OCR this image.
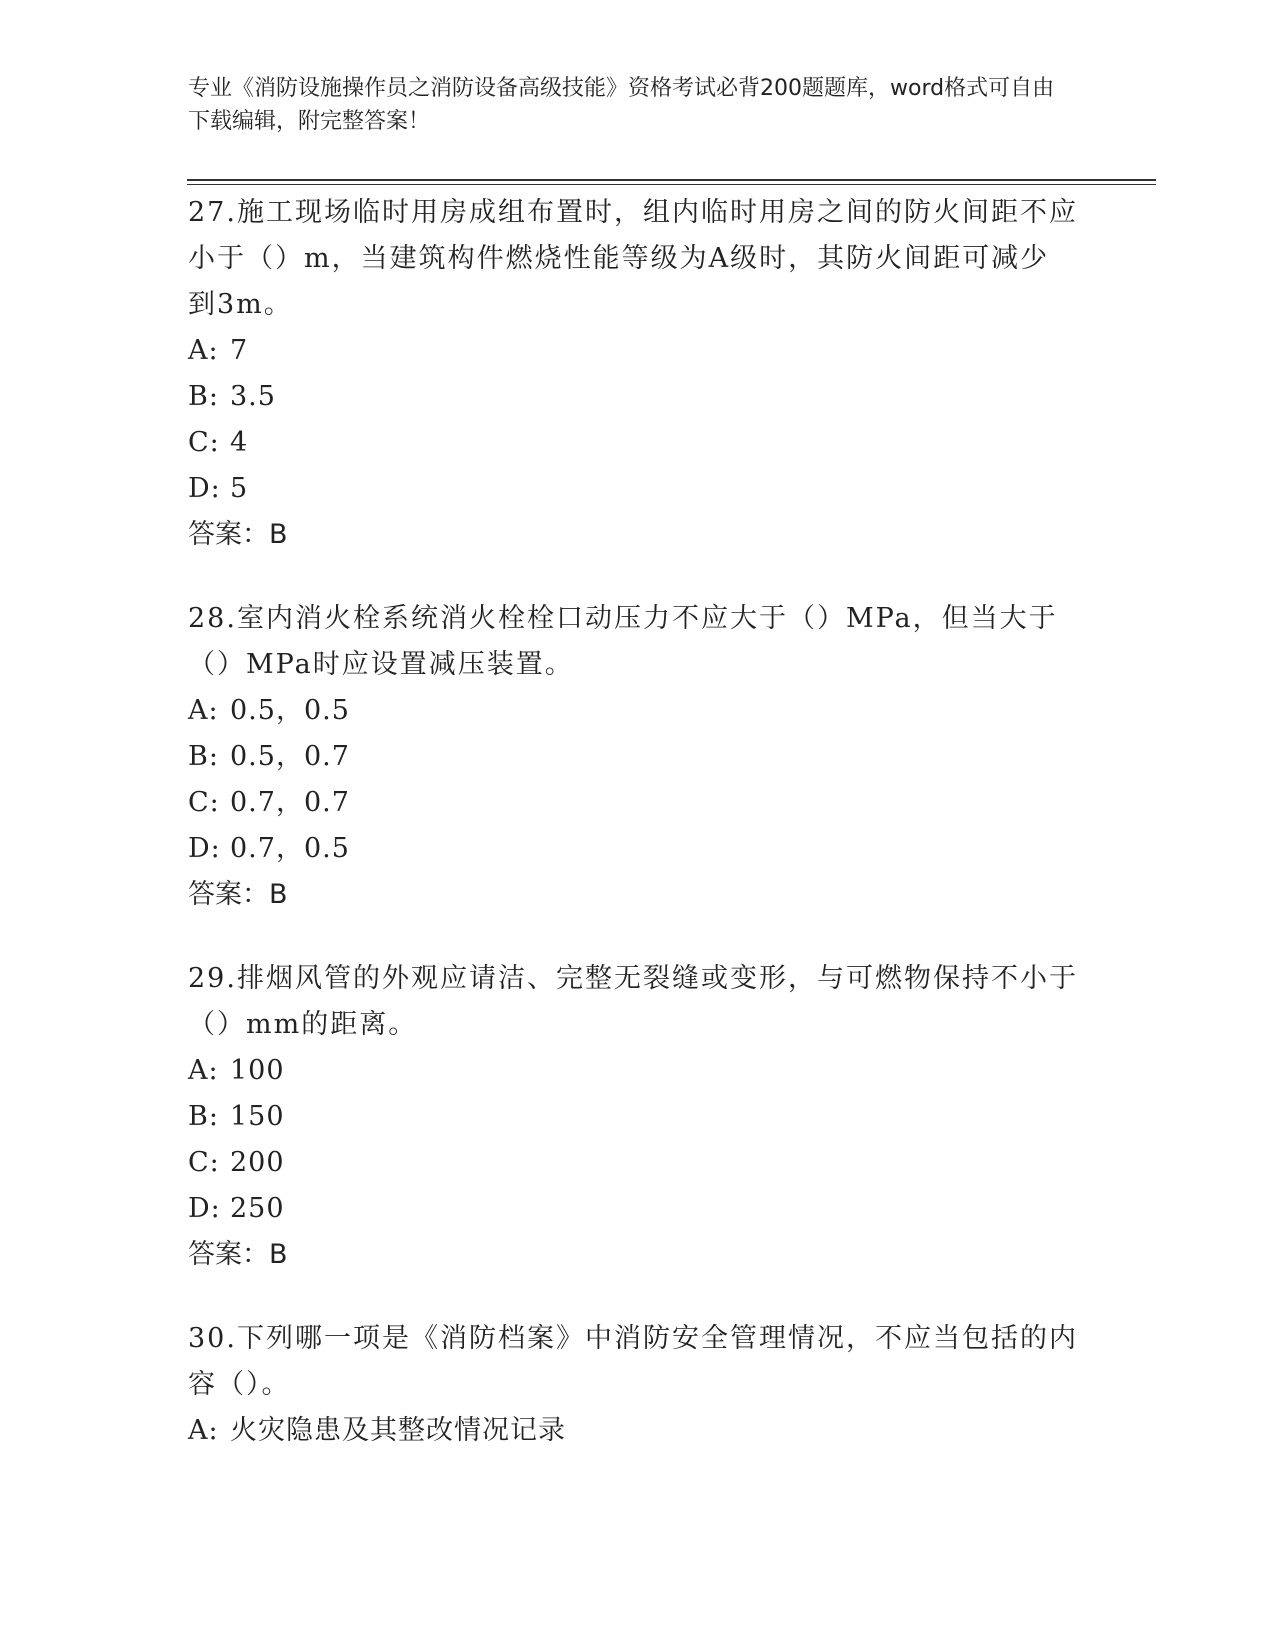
专业《消防设施操作员之消防设备高级技能》资格考试必背200题题库，word格式可自由下载编辑，附完整答案！
27.施工现场临时用房成组布置时，组内临时用房之间的防火间距不应小于（）m，当建筑构件燃烧性能等级为A级时，其防火间距可减少到3m。
A: 7
B: 3.5
C: 4
D: 5
答案：B
28.室内消火栓系统消火栓栓口动压力不应大于（）MPa，但当大于（）MPa时应设置减压装置。
A: 0.5，0.5
B: 0.5，0.7
C: 0.7，0.7
D: 0.7，0.5
答案：B
29.排烟风管的外观应请洁、完整无裂缝或变形，与可燃物保持不小于（）mm的距离。
A: 100
B: 150
C: 200
D: 250
答案：B
30.下列哪一项是《消防档案》中消防安全管理情况，不应当包括的内容（）。
A: 火灾隐患及其整改情况记录
